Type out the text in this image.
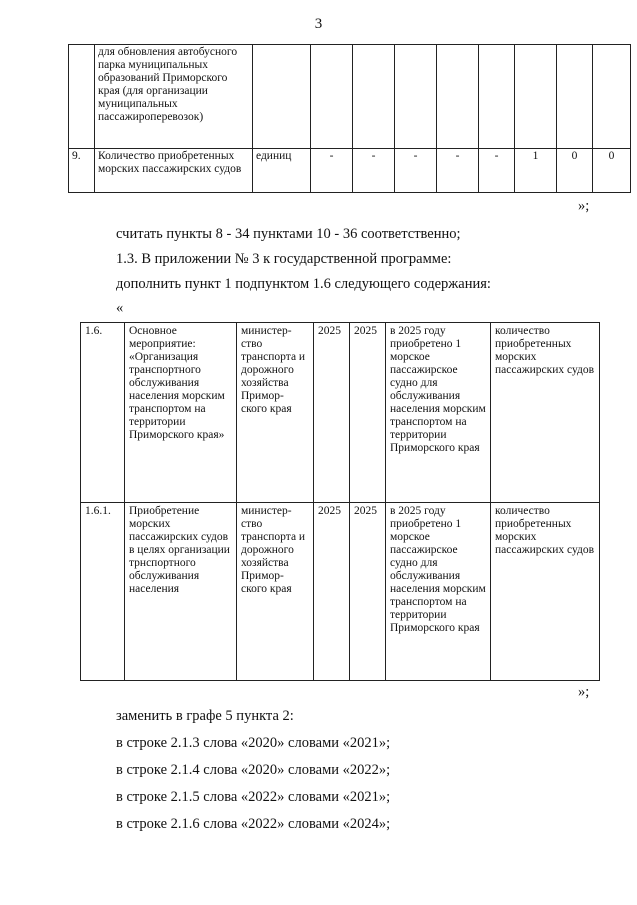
3
	для обновления автобусного парка муниципальных образований Приморского края (для организации муниципальных пассажироперевозок)									
9.	Количество приобретенных морских пассажирских судов	единиц	-	-	-	-	-	1	0	0
»;
считать пункты 8 - 34 пунктами 10 - 36 соответственно;
1.3. В приложении № 3 к государственной программе:
дополнить пункт 1 подпунктом 1.6 следующего содержания:
«
1.6.	Основное мероприятие: «Организация транспортного обслуживания населения морским транспортом на территории Приморского края»	министер-ство транспорта и дорожного хозяйства Примор-ского края	2025	2025	в 2025 году приобретено 1 морское пассажирское судно для обслуживания населения морским транспортом на территории Приморского края	количество приобретенных морских пассажирских судов
1.6.1.	Приобретение морских пассажирских судов в целях организации трнспортного обслуживания населения	министер-ство транспорта и дорожного хозяйства Примор-ского края	2025	2025	в 2025 году приобретено 1 морское пассажирское судно для обслуживания населения морским транспортом на территории Приморского края	количество приобретенных морских пассажирских судов
»;
заменить в графе 5 пункта 2:
в строке 2.1.3 слова «2020» словами «2021»;
в строке 2.1.4 слова «2020» словами «2022»;
в строке 2.1.5 слова «2022» словами «2021»;
в строке 2.1.6 слова «2022» словами «2024»;
